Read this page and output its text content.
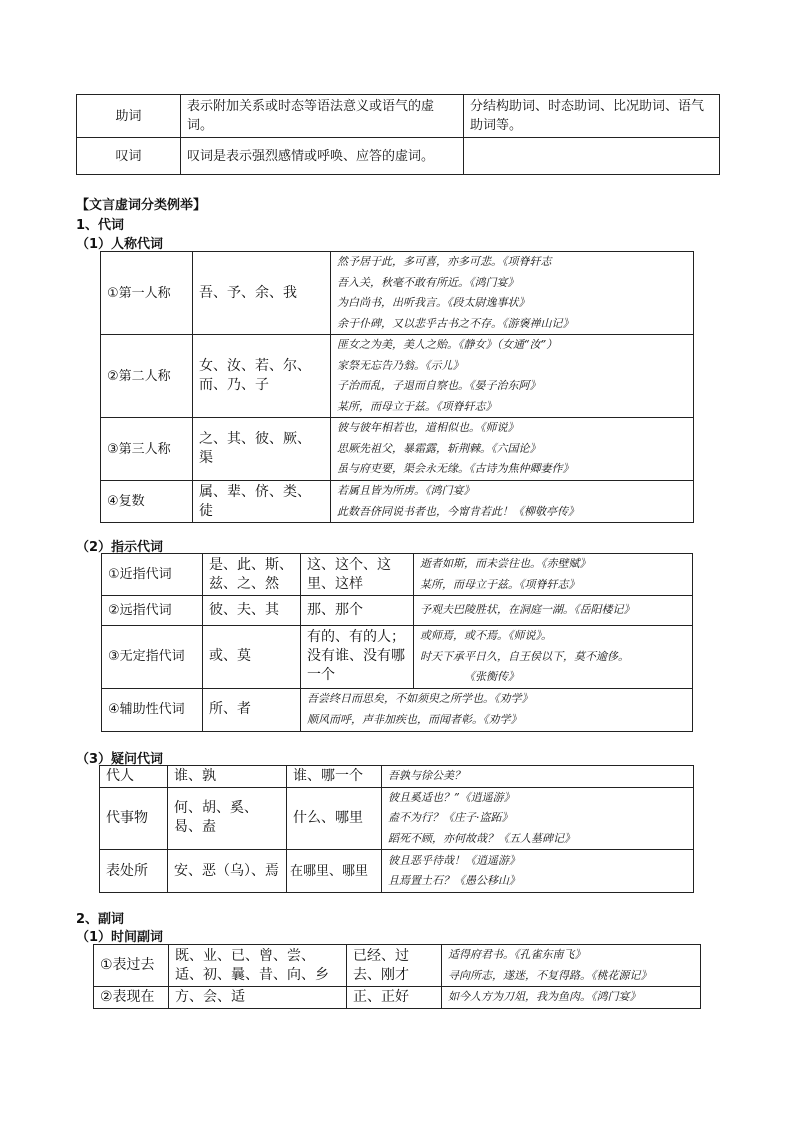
助词	表示附加关系或时态等语法意义或语气的虚词。	分结构助词、时态助词、比况助词、语气助词等。
叹词	叹词是表示强烈感情或呼唤、应答的虚词。	
【文言虚词分类例举】
1、代词
（1）人称代词
①第一人称	吾、予、余、我	然予居于此，多可喜，亦多可悲。《项脊轩志
吾入关，秋毫不敢有所近。《鸿门宴》
为白尚书，出听我言。《段太尉逸事状》
余于仆碑，又以悲乎古书之不存。《游褒禅山记》

②第二人称	女、汝、若、尔、而、乃、子	匪女之为美，美人之贻。《静女》（女通“汝”）
家祭无忘告乃翁。《示儿》
子治而乱，子退而自察也。《晏子治东阿》
某所，而母立于兹。《项脊轩志》

③第三人称	之、其、彼、厥、渠	彼与彼年相若也，道相似也。《师说》
思厥先祖父，暴霜露，斩荆棘。《六国论》
虽与府吏要，渠会永无缘。《古诗为焦仲卿妻作》

④复数	属、辈、侪、类、徒	若属且皆为所虏。《鸿门宴》
此数吾侪同说书者也，今甯肯若此！《柳敬亭传》
（2）指示代词
①近指代词	是、此、斯、兹、之、然	这、这个、这里、这样	逝者如斯，而未尝往也。《赤壁赋》
某所，而母立于兹。《项脊轩志》

②远指代词	彼、夫、其	那、那个	予观夫巴陵胜状，在洞庭一湖。《岳阳楼记》

③无定指代词	或、莫	有的、有的人；没有谁、没有哪一个	或师焉，或不焉。《师说》。
时天下承平日久，自王侯以下，莫不逾侈。
《张衡传》

④辅助性代词	所、者	吾尝终日而思矣，不如须臾之所学也。《劝学》
顺风而呼，声非加疾也，而闻者彰。《劝学》	
（3）疑问代词
代人	谁、孰	谁、哪一个	吾孰与徐公美？

代事物	何、胡、奚、曷、盍	什么、哪里	彼且奚适也？”《逍遥游》
盍不为行？《庄子·盗跖》
蹈死不顾，亦何故哉？《五人墓碑记》

表处所	安、恶（乌）、焉	在哪里、哪里	彼且恶乎待哉！《逍遥游》
且焉置土石？《愚公移山》
2、副词
（1）时间副词
①表过去	既、业、已、曾、尝、适、初、曩、昔、向、乡	已经、过去、刚才	适得府君书。《孔雀东南飞》
寻向所志，遂迷，不复得路。《桃花源记》

②表现在	方、会、适	正、正好	如今人方为刀俎，我为鱼肉。《鸿门宴》
